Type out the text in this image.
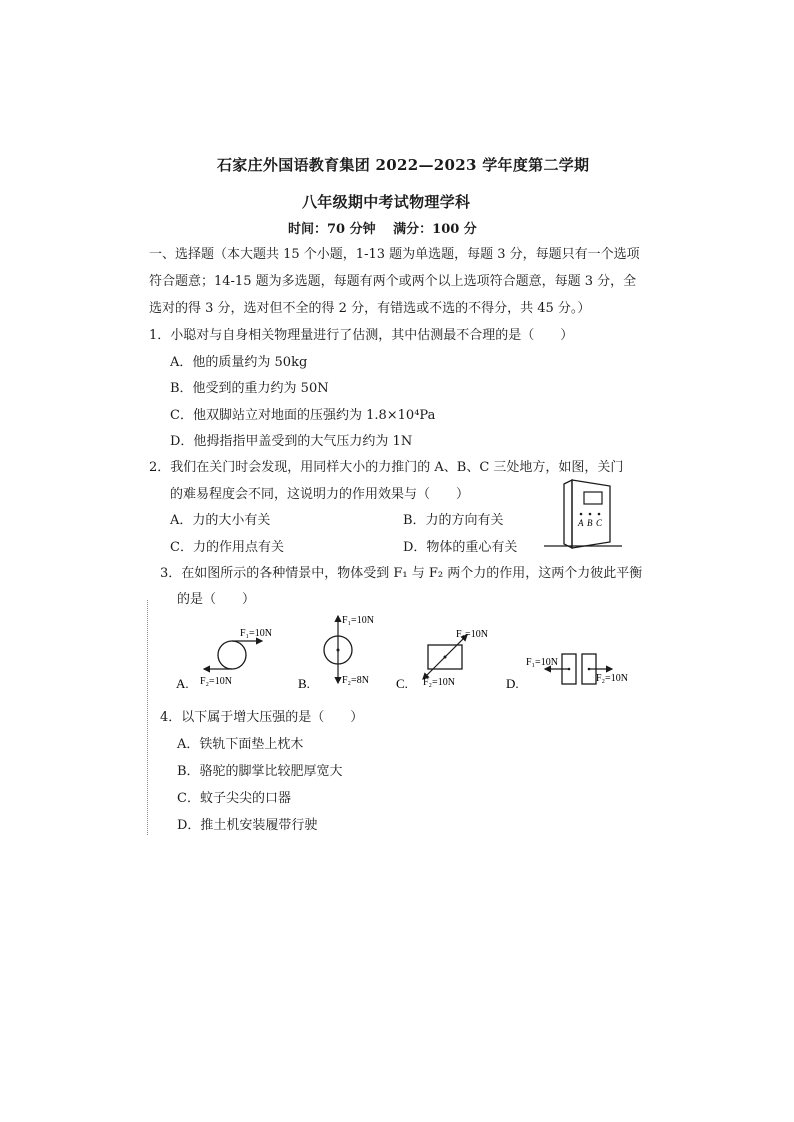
石家庄外国语教育集团 2022—2023 学年度第二学期
八年级期中考试物理学科
时间：70 分钟　 满分：100 分
一、选择题（本大题共 15 个小题，1-13 题为单选题，每题 3 分，每题只有一个选项
符合题意；14-15 题为多选题，每题有两个或两个以上选项符合题意，每题 3 分，全
选对的得 3 分，选对但不全的得 2 分，有错选或不选的不得分，共 45 分。）
1．小聪对与自身相关物理量进行了估测，其中估测最不合理的是（　　）
A．他的质量约为 50kg
B．他受到的重力约为 50N
C．他双脚站立对地面的压强约为 1.8×10⁴Pa
D．他拇指指甲盖受到的大气压力约为 1N
2．我们在关门时会发现，用同样大小的力推门的 A、B、C 三处地方，如图，关门
的难易程度会不同，这说明力的作用效果与（　　）
A．力的大小有关	B．力的方向有关
C．力的作用点有关	D．物体的重心有关
A B C
3．在如图所示的各种情景中，物体受到 F₁ 与 F₂ 两个力的作用，这两个力彼此平衡
的是（　　）
F₁=10N
F₂=10N
A.
F₁=10N
F₂=8N
B.
F₁=10N
F₂=10N
C.
F₁=10N
F₂=10N
D.
4．以下属于增大压强的是（　　）
A．铁轨下面垫上枕木
B．骆驼的脚掌比较肥厚宽大
C．蚊子尖尖的口器
D．推土机安装履带行驶
